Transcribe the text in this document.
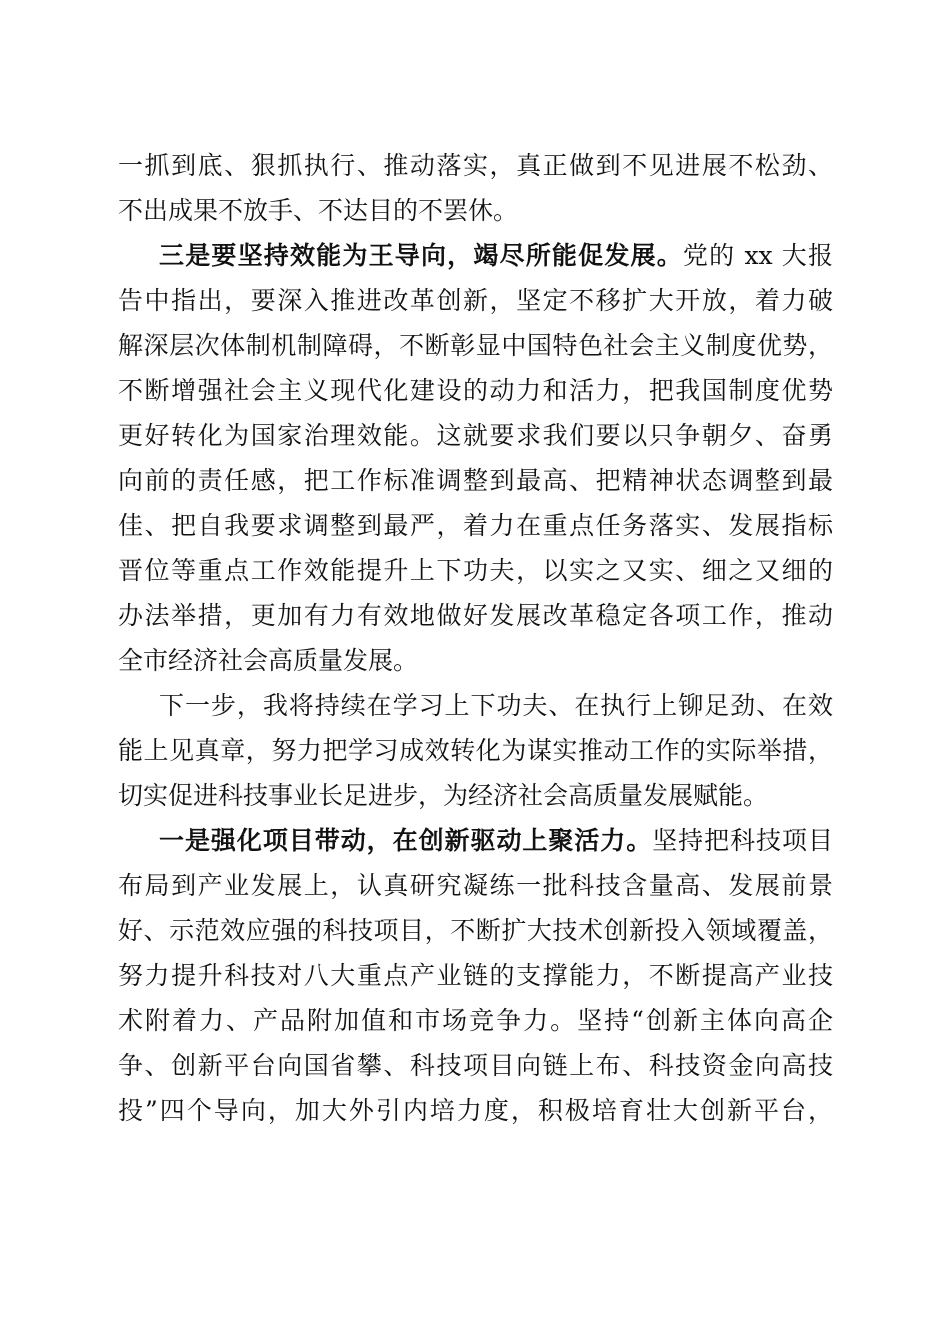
一抓到底、狠抓执行、推动落实，真正做到不见进展不松劲、
不出成果不放手、不达目的不罢休。
三是要坚持效能为王导向，竭尽所能促发展。党的 xx 大报
告中指出，要深入推进改革创新，坚定不移扩大开放，着力破
解深层次体制机制障碍，不断彰显中国特色社会主义制度优势，
不断增强社会主义现代化建设的动力和活力，把我国制度优势
更好转化为国家治理效能。这就要求我们要以只争朝夕、奋勇
向前的责任感，把工作标准调整到最高、把精神状态调整到最
佳、把自我要求调整到最严，着力在重点任务落实、发展指标
晋位等重点工作效能提升上下功夫，以实之又实、细之又细的
办法举措，更加有力有效地做好发展改革稳定各项工作，推动
全市经济社会高质量发展。
下一步，我将持续在学习上下功夫、在执行上铆足劲、在效
能上见真章，努力把学习成效转化为谋实推动工作的实际举措，
切实促进科技事业长足进步，为经济社会高质量发展赋能。
一是强化项目带动，在创新驱动上聚活力。坚持把科技项目
布局到产业发展上，认真研究凝练一批科技含量高、发展前景
好、示范效应强的科技项目，不断扩大技术创新投入领域覆盖，
努力提升科技对八大重点产业链的支撑能力，不断提高产业技
术附着力、产品附加值和市场竞争力。坚持“创新主体向高企
争、创新平台向国省攀、科技项目向链上布、科技资金向高技
投”四个导向，加大外引内培力度，积极培育壮大创新平台，
